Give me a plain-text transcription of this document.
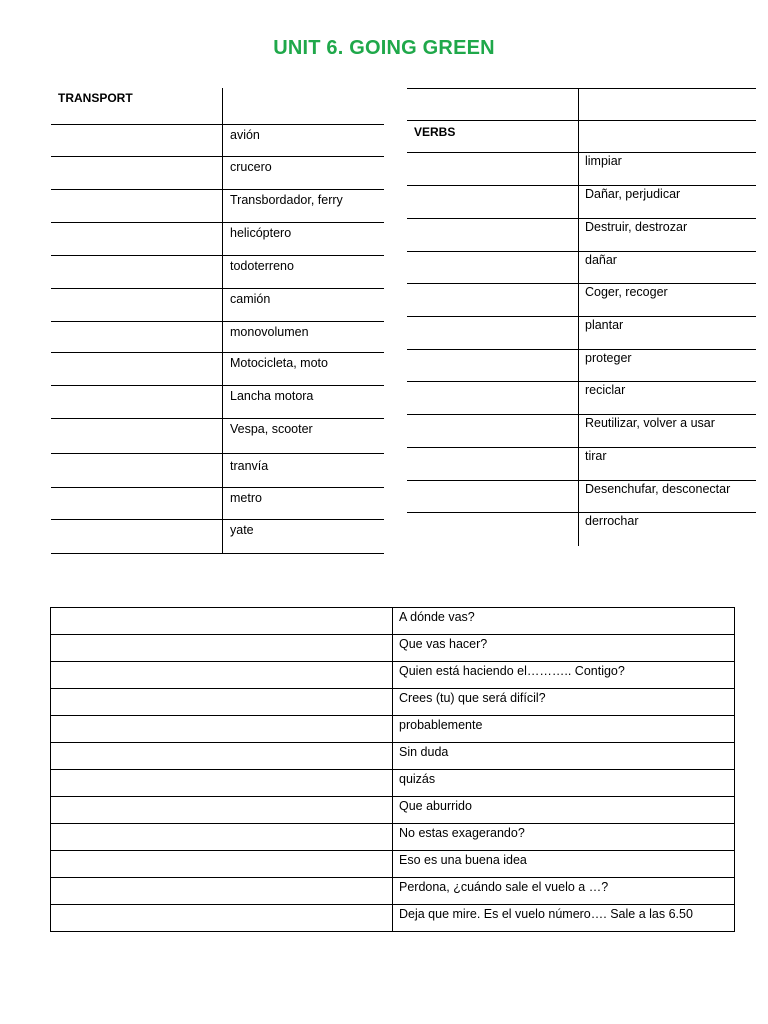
UNIT 6. GOING GREEN
TRANSPORT
avión
crucero
Transbordador, ferry
helicóptero
todoterreno
camión
monovolumen
Motocicleta, moto
Lancha motora
Vespa, scooter
tranvía
metro
yate
VERBS
limpiar
Dañar, perjudicar
Destruir, destrozar
dañar
Coger, recoger
plantar
proteger
reciclar
Reutilizar, volver a usar
tirar
Desenchufar, desconectar
derrochar

	A dónde vas?

	Que vas hacer?

	Quien está haciendo el……….. Contigo?

	Crees (tu) que será difícil?

	probablemente

	Sin duda

	quizás

	Que aburrido

	No estas exagerando?

	Eso es una buena idea

	Perdona, ¿cuándo sale el vuelo a …?

	Deja que mire. Es el vuelo número…. Sale a las 6.50
